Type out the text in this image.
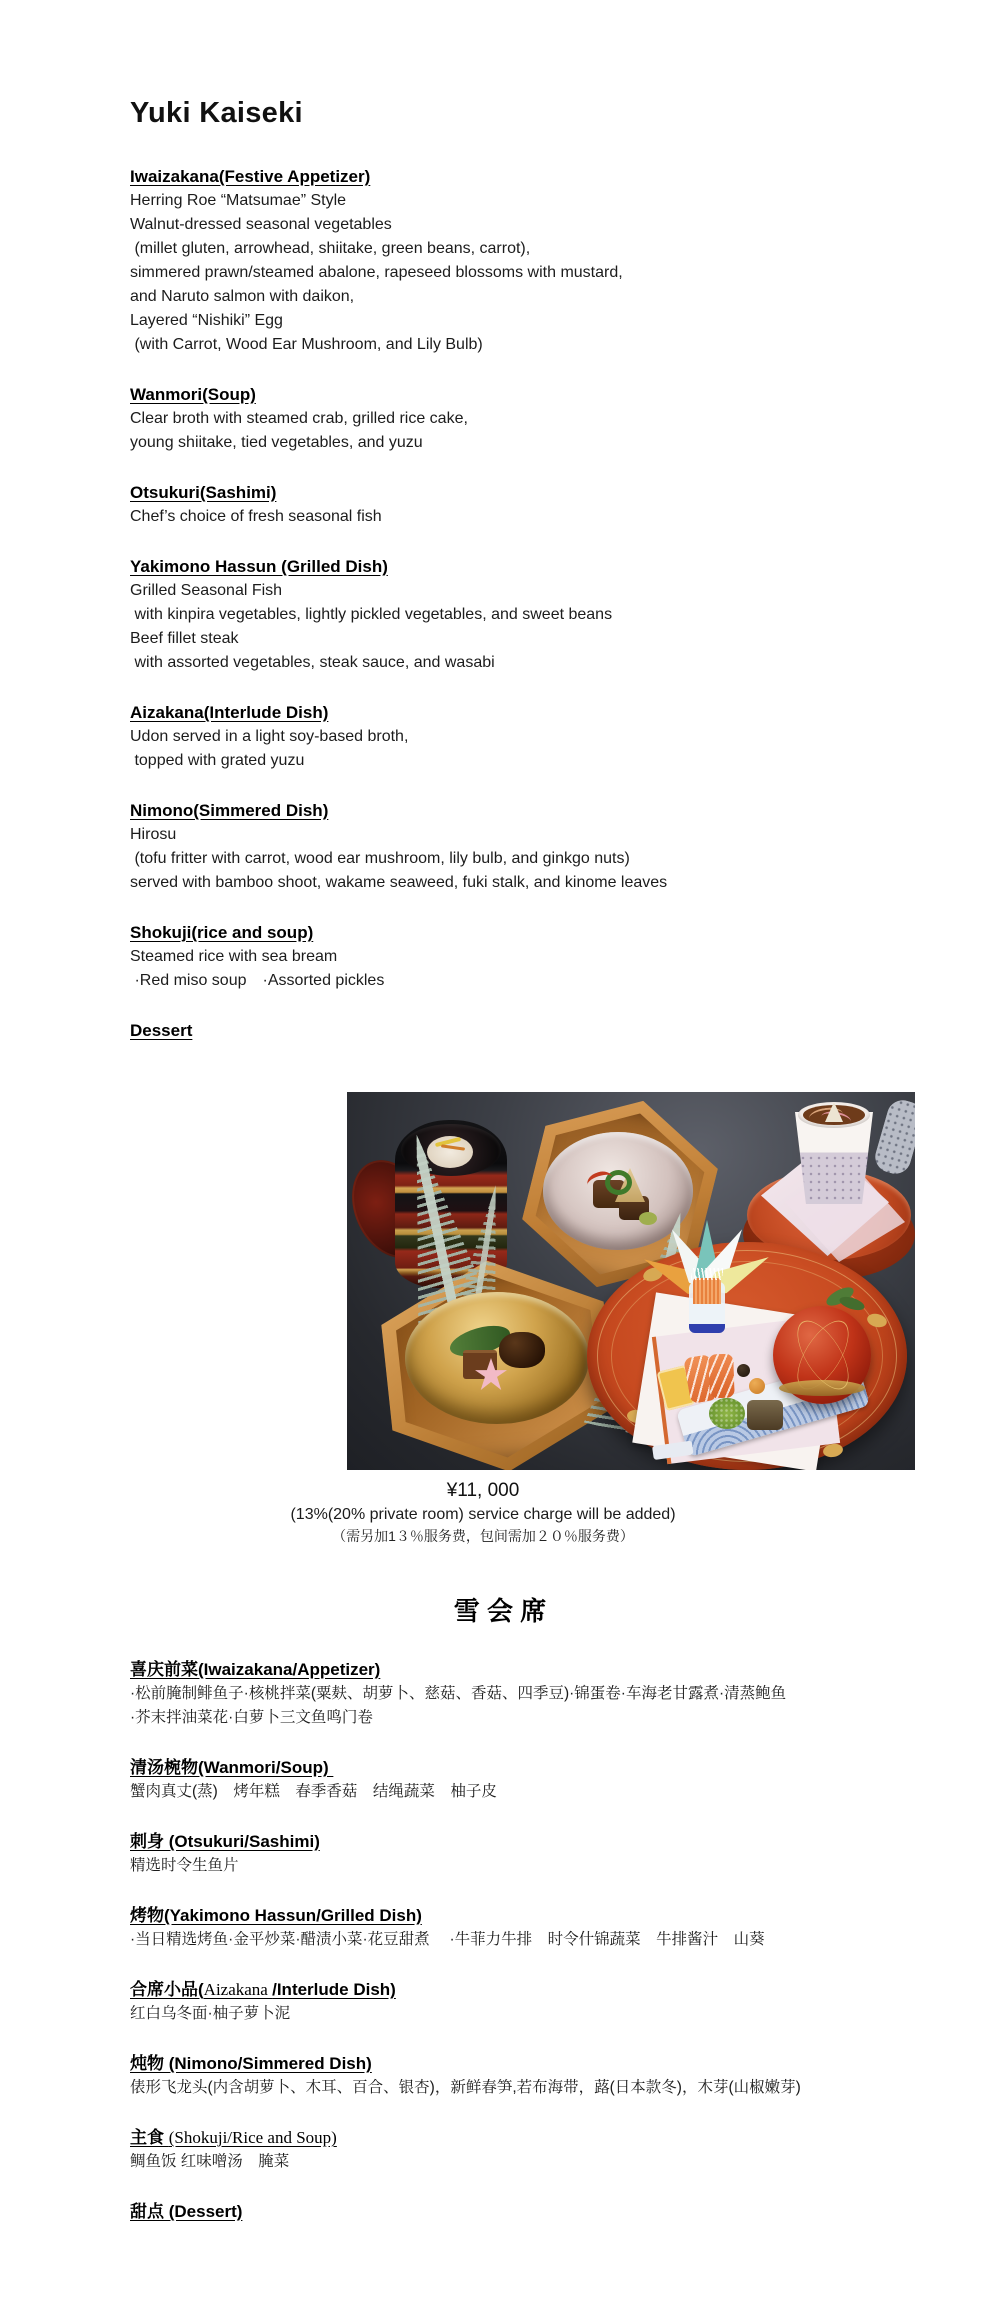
Yuki Kaiseki
Iwaizakana(Festive Appetizer)
Herring Roe “Matsumae” Style
Walnut-dressed seasonal vegetables
(millet gluten, arrowhead, shiitake, green beans, carrot),
simmered prawn/steamed abalone, rapeseed blossoms with mustard,
and Naruto salmon with daikon,
Layered “Nishiki” Egg
(with Carrot, Wood Ear Mushroom, and Lily Bulb)
Wanmori(Soup)
Clear broth with steamed crab, grilled rice cake,
young shiitake, tied vegetables, and yuzu
Otsukuri(Sashimi)
Chef’s choice of fresh seasonal fish
Yakimono Hassun (Grilled Dish)
Grilled Seasonal Fish
with kinpira vegetables, lightly pickled vegetables, and sweet beans
Beef fillet steak
with assorted vegetables, steak sauce, and wasabi
Aizakana(Interlude Dish)
Udon served in a light soy-based broth,
topped with grated yuzu
Nimono(Simmered Dish)
Hirosu
(tofu fritter with carrot, wood ear mushroom, lily bulb, and ginkgo nuts)
served with bamboo shoot, wakame seaweed, fuki stalk, and kinome leaves
Shokuji(rice and soup)
Steamed rice with sea bream
·Red miso soup　·Assorted pickles
Dessert
¥11, 000
(13%(20% private room) service charge will be added)
（需另加1３％服务费，包间需加２０％服务费）
雪 会 席
喜庆前菜(Iwaizakana/Appetizer)
·松前腌制鲱鱼子·核桃拌菜(粟麸、胡萝卜、慈菇、香菇、四季豆)·锦蛋卷·车海老甘露煮·清蒸鲍鱼
·芥末拌油菜花·白萝卜三文鱼鸣门卷
清汤椀物(Wanmori/Soup)
蟹肉真丈(蒸)　烤年糕　春季香菇　结绳蔬菜　柚子皮
刺身 (Otsukuri/Sashimi)
精选时令生鱼片
烤物(Yakimono Hassun/Grilled Dish)
·当日精选烤鱼·金平炒菜·醋渍小菜·花豆甜煮　 ·牛菲力牛排　时令什锦蔬菜　牛排酱汁　山葵
合席小品(Aizakana /Interlude Dish)
红白乌冬面·柚子萝卜泥
炖物 (Nimono/Simmered Dish)
俵形飞龙头(内含胡萝卜、木耳、百合、银杏)，新鲜春笋,若布海带，蕗(日本款冬)，木芽(山椒嫩芽)
主食 (Shokuji/Rice and Soup)
鲷鱼饭 红味噌汤　腌菜
甜点 (Dessert)
